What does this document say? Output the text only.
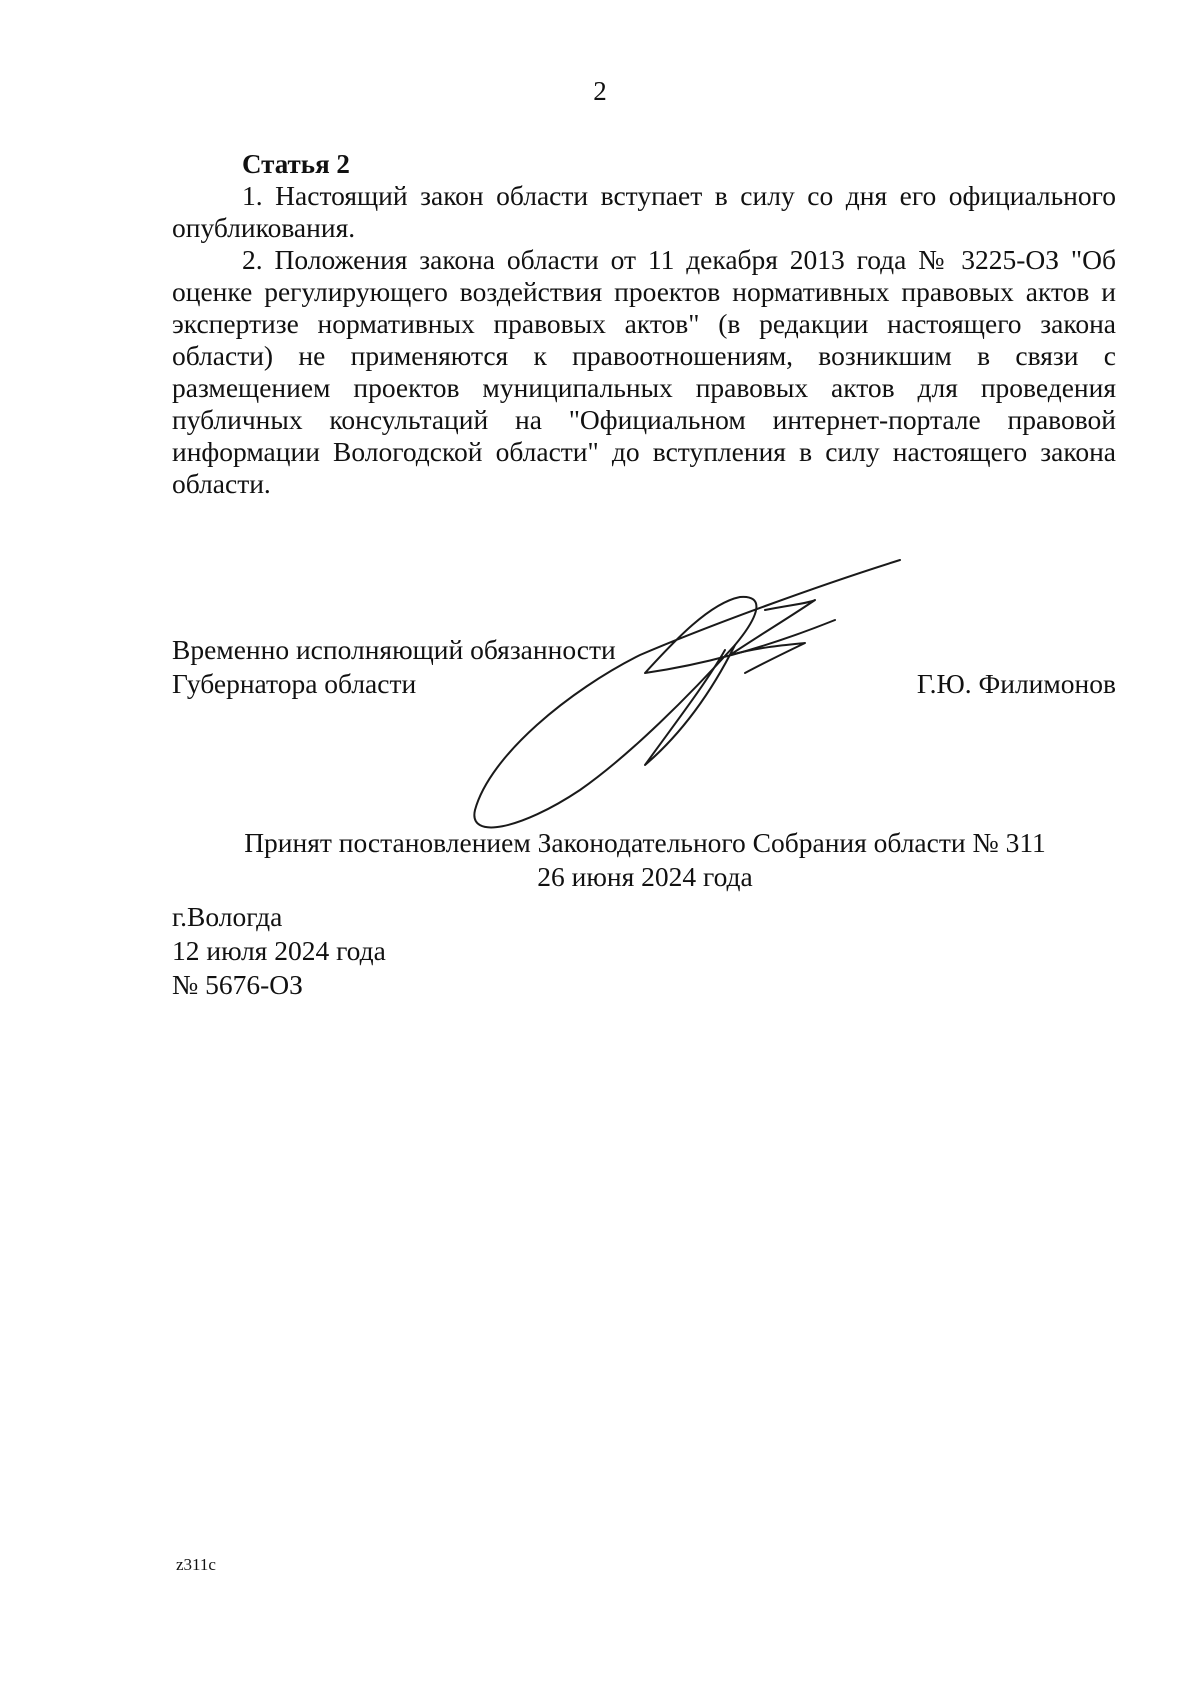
2

Статья 2

1. Настоящий закон области вступает в силу со дня его официального опубликования.

2. Положения закона области от 11 декабря 2013 года № 3225-ОЗ "Об оценке регулирующего воздействия проектов нормативных правовых актов и экспертизе нормативных правовых актов" (в редакции настоящего закона области) не применяются к правоотношениям, возникшим в связи с размещением проектов муниципальных правовых актов для проведения публичных консультаций на "Официальном интернет-портале правовой информации Вологодской области" до вступления в силу настоящего закона области.

Временно исполняющий обязанности
Губернатора области	Г.Ю. Филимонов
Принят постановлением Законодательного Собрания области № 311
26 июня 2024 года
г.Вологда
12 июля 2024 года
№ 5676-ОЗ
z311c
